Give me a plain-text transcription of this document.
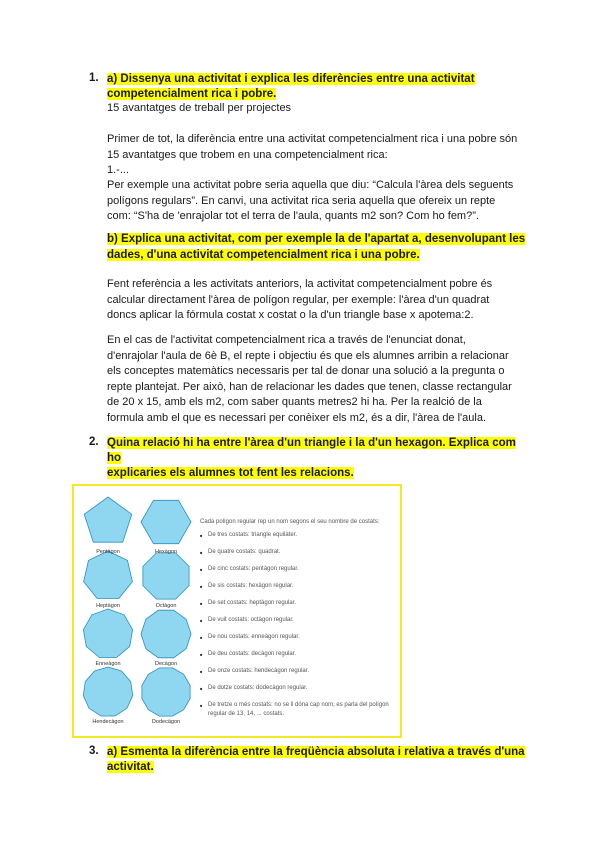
1. a) Dissenya una activitat i explica les diferències entre una activitat
competencialment rica i pobre.

15 avantatges de treball per projectes

Primer de tot, la diferència entre una activitat competencialment rica i una pobre són 15 avantatges que trobem en una competencialment rica:

1.-...

Per exemple una activitat pobre seria aquella que diu: “Calcula l'àrea dels seguents polígons regulars”. En canvi, una activitat rica seria aquella que ofereix un repte com: “S'ha de 'enrajolar tot el terra de l'aula, quants m2 son? Com ho fem?”.

b) Explica una activitat, com per exemple la de l'apartat a, desenvolupant les
dades, d'una activitat competencialment rica i una pobre.

Fent referència a les activitats anteriors, la activitat competencialment pobre és calcular directament l'àrea de polígon regular, per exemple: l'àrea d'un quadrat doncs aplicar la fórmula costat x costat o la d'un triangle base x apotema:2.

En el cas de l'activitat competencialment rica a través de l'enunciat donat, d'enrajolar l'aula de 6è B, el repte i objectiu és que els alumnes arribin a relacionar els conceptes matemàtics necessaris per tal de donar una solució a la pregunta o repte plantejat. Per això, han de relacionar les dades que tenen, classe rectangular de 20 x 15, amb els m2, com saber quants metres2 hi ha. Per la realció de la formula amb el que es necessari per conèixer els m2, és a dir, l'àrea de l'aula.

2. Quina relació hi ha entre l'àrea d'un triangle i la d'un hexagon. Explica com ho
explicaries els alumnes tot fent les relacions.
Pentàgon	Hexàgon
Heptàgon	Octàgon
Enneàgon	Decàgon
Hendecàgon	Dodecàgon
Cada polígon regular rep un nom segons el seu nombre de costats:
■ De tres costats: triangle equilàter.
■ De quatre costats: quadrat.
■ De cinc costats: pentàgon regular.
■ De sis costats: hexàgon regular.
■ De set costats: heptàgon regular.
■ De vuit costats: octàgon regular.
■ De nou costats: enneàgon regular.
■ De deu costats: decàgon regular.
■ De onze costats: hendecàgon regular.
■ De dotze costats: dodecàgon regular.
■ De tretze o més costats: no se li dóna cap nom, es parla del polígon regular de 13, 14, ... costats.
3. a) Esmenta la diferència entre la freqüència absoluta i relativa a través d'una
activitat.
